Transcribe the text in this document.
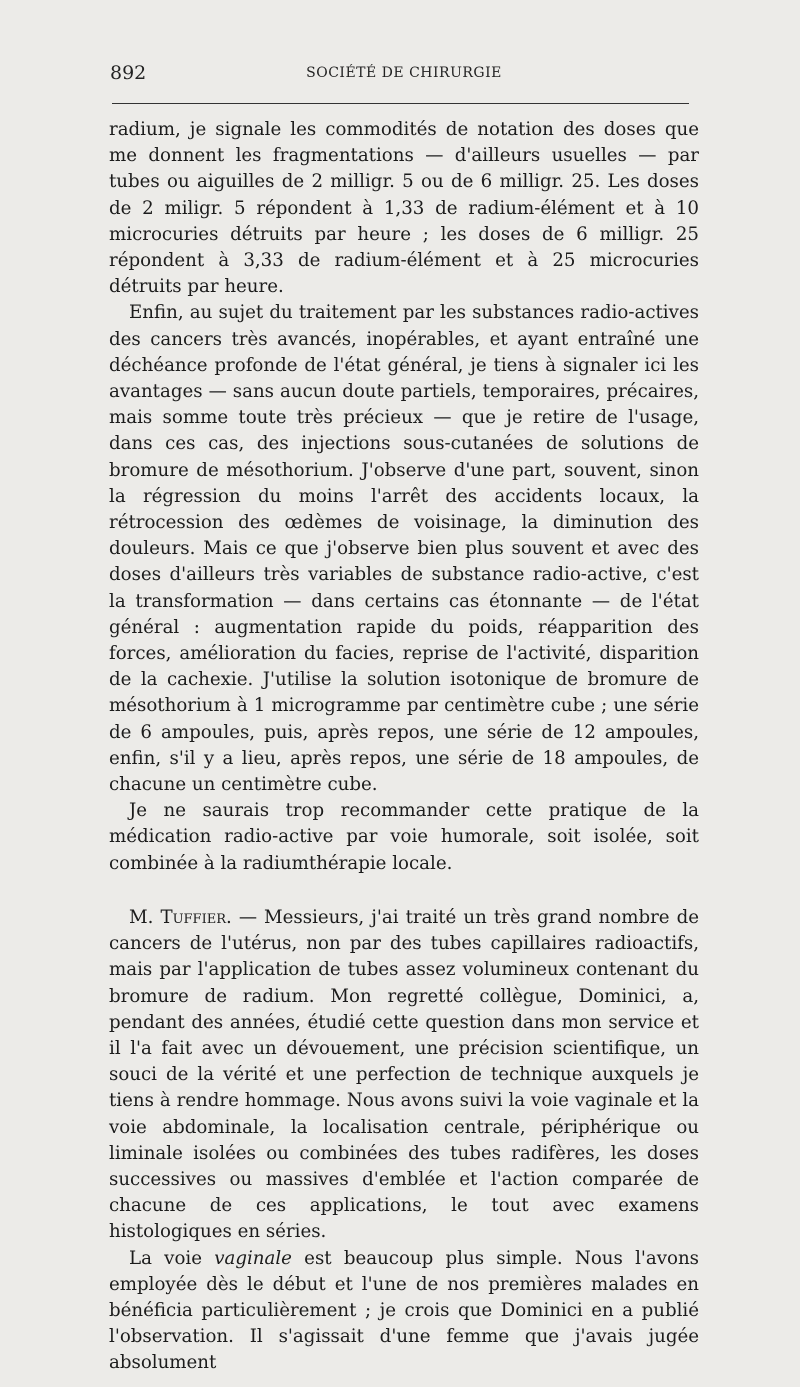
892	SOCIÉTÉ DE CHIRURGIE

radium, je signale les commodités de notation des doses que me donnent les fragmentations — d'ailleurs usuelles — par tubes ou aiguilles de 2 milligr. 5 ou de 6 milligr. 25. Les doses de 2 miligr. 5 répondent à 1,33 de radium-élément et à 10 microcuries détruits par heure ; les doses de 6 milligr. 25 répondent à 3,33 de radium-élément et à 25 microcuries détruits par heure.

Enfin, au sujet du traitement par les substances radio-actives des cancers très avancés, inopérables, et ayant entraîné une déchéance profonde de l'état général, je tiens à signaler ici les avantages — sans aucun doute partiels, temporaires, précaires, mais somme toute très précieux — que je retire de l'usage, dans ces cas, des injections sous-cutanées de solutions de bromure de mésothorium. J'observe d'une part, souvent, sinon la régression du moins l'arrêt des accidents locaux, la rétrocession des œdèmes de voisinage, la diminution des douleurs. Mais ce que j'observe bien plus souvent et avec des doses d'ailleurs très variables de substance radio-active, c'est la transformation — dans certains cas étonnante — de l'état général : augmentation rapide du poids, réapparition des forces, amélioration du facies, reprise de l'activité, disparition de la cachexie. J'utilise la solution isotonique de bromure de mésothorium à 1 microgramme par centimètre cube ; une série de 6 ampoules, puis, après repos, une série de 12 ampoules, enfin, s'il y a lieu, après repos, une série de 18 ampoules, de chacune un centimètre cube.

Je ne saurais trop recommander cette pratique de la médication radio-active par voie humorale, soit isolée, soit combinée à la radiumthérapie locale.

M. Tuffier. — Messieurs, j'ai traité un très grand nombre de cancers de l'utérus, non par des tubes capillaires radioactifs, mais par l'application de tubes assez volumineux contenant du bromure de radium. Mon regretté collègue, Dominici, a, pendant des années, étudié cette question dans mon service et il l'a fait avec un dévouement, une précision scientifique, un souci de la vérité et une perfection de technique auxquels je tiens à rendre hommage. Nous avons suivi la voie vaginale et la voie abdominale, la localisation centrale, périphérique ou liminale isolées ou combinées des tubes radifères, les doses successives ou massives d'emblée et l'action comparée de chacune de ces applications, le tout avec examens histologiques en séries.

La voie vaginale est beaucoup plus simple. Nous l'avons employée dès le début et l'une de nos premières malades en bénéficia particulièrement ; je crois que Dominici en a publié l'observation. Il s'agissait d'une femme que j'avais jugée absolument
